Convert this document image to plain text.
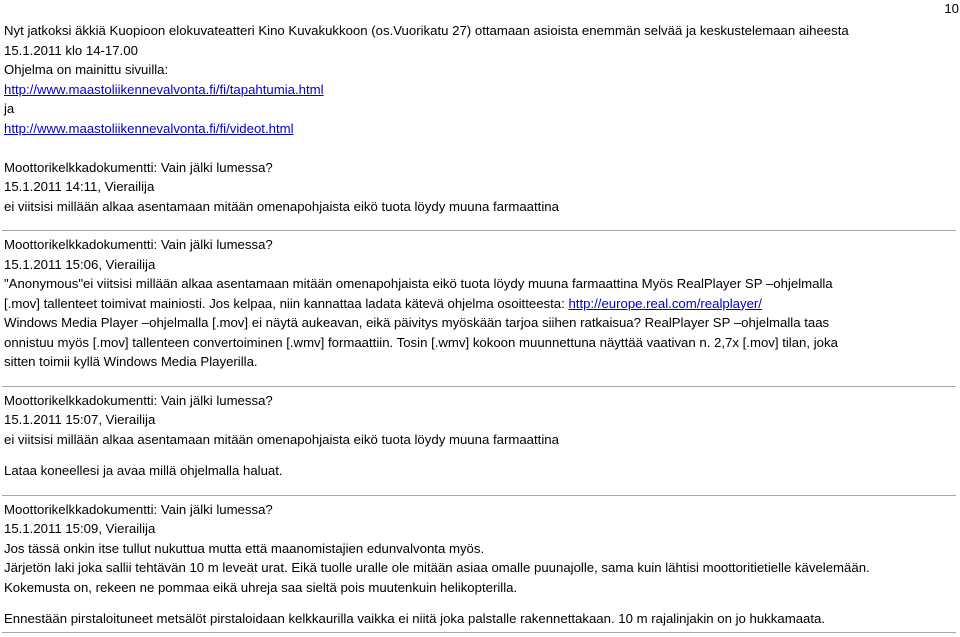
10
Nyt jatkoksi äkkiä Kuopioon elokuvateatteri Kino Kuvakukkoon (os.Vuorikatu 27) ottamaan asioista enemmän selvää ja keskustelemaan aiheesta
15.1.2011 klo 14-17.00
Ohjelma on mainittu sivuilla:
http://www.maastoliikennevalvonta.fi/fi/tapahtumia.html
ja
http://www.maastoliikennevalvonta.fi/fi/videot.html
Moottorikelkkadokumentti: Vain jälki lumessa?
15.1.2011 14:11, Vierailija
ei viitsisi millään alkaa asentamaan mitään omenapohjaista eikö tuota löydy muuna farmaattina
Moottorikelkkadokumentti: Vain jälki lumessa?
15.1.2011 15:06, Vierailija
"Anonymous"ei viitsisi millään alkaa asentamaan mitään omenapohjaista eikö tuota löydy muuna farmaattina Myös RealPlayer SP –ohjelmalla
[.mov] tallenteet toimivat mainiosti. Jos kelpaa, niin kannattaa ladata kätevä ohjelma osoitteesta: http://europe.real.com/realplayer/
Windows Media Player –ohjelmalla [.mov] ei näytä aukeavan, eikä päivitys myöskään tarjoa siihen ratkaisua? RealPlayer SP –ohjelmalla taas
onnistuu myös [.mov] tallenteen convertoiminen [.wmv] formaattiin. Tosin [.wmv] kokoon muunnettuna näyttää vaativan n. 2,7x [.mov] tilan, joka
sitten toimii kyllä Windows Media Playerilla.
Moottorikelkkadokumentti: Vain jälki lumessa?
15.1.2011 15:07, Vierailija
ei viitsisi millään alkaa asentamaan mitään omenapohjaista eikö tuota löydy muuna farmaattina
Lataa koneellesi ja avaa millä ohjelmalla haluat.
Moottorikelkkadokumentti: Vain jälki lumessa?
15.1.2011 15:09, Vierailija
Jos tässä onkin itse tullut nukuttua mutta että maanomistajien edunvalvonta myös.
Järjetön laki joka sallii tehtävän 10 m leveät urat. Eikä tuolle uralle ole mitään asiaa omalle puunajolle, sama kuin lähtisi moottoritietielle kävelemään.
Kokemusta on, rekeen ne pommaa eikä uhreja saa sieltä pois muutenkuin helikopterilla.
Ennestään pirstaloituneet metsälöt pirstaloidaan kelkkaurilla vaikka ei niitä joka palstalle rakennettakaan. 10 m rajalinjakin on jo hukkamaata.
